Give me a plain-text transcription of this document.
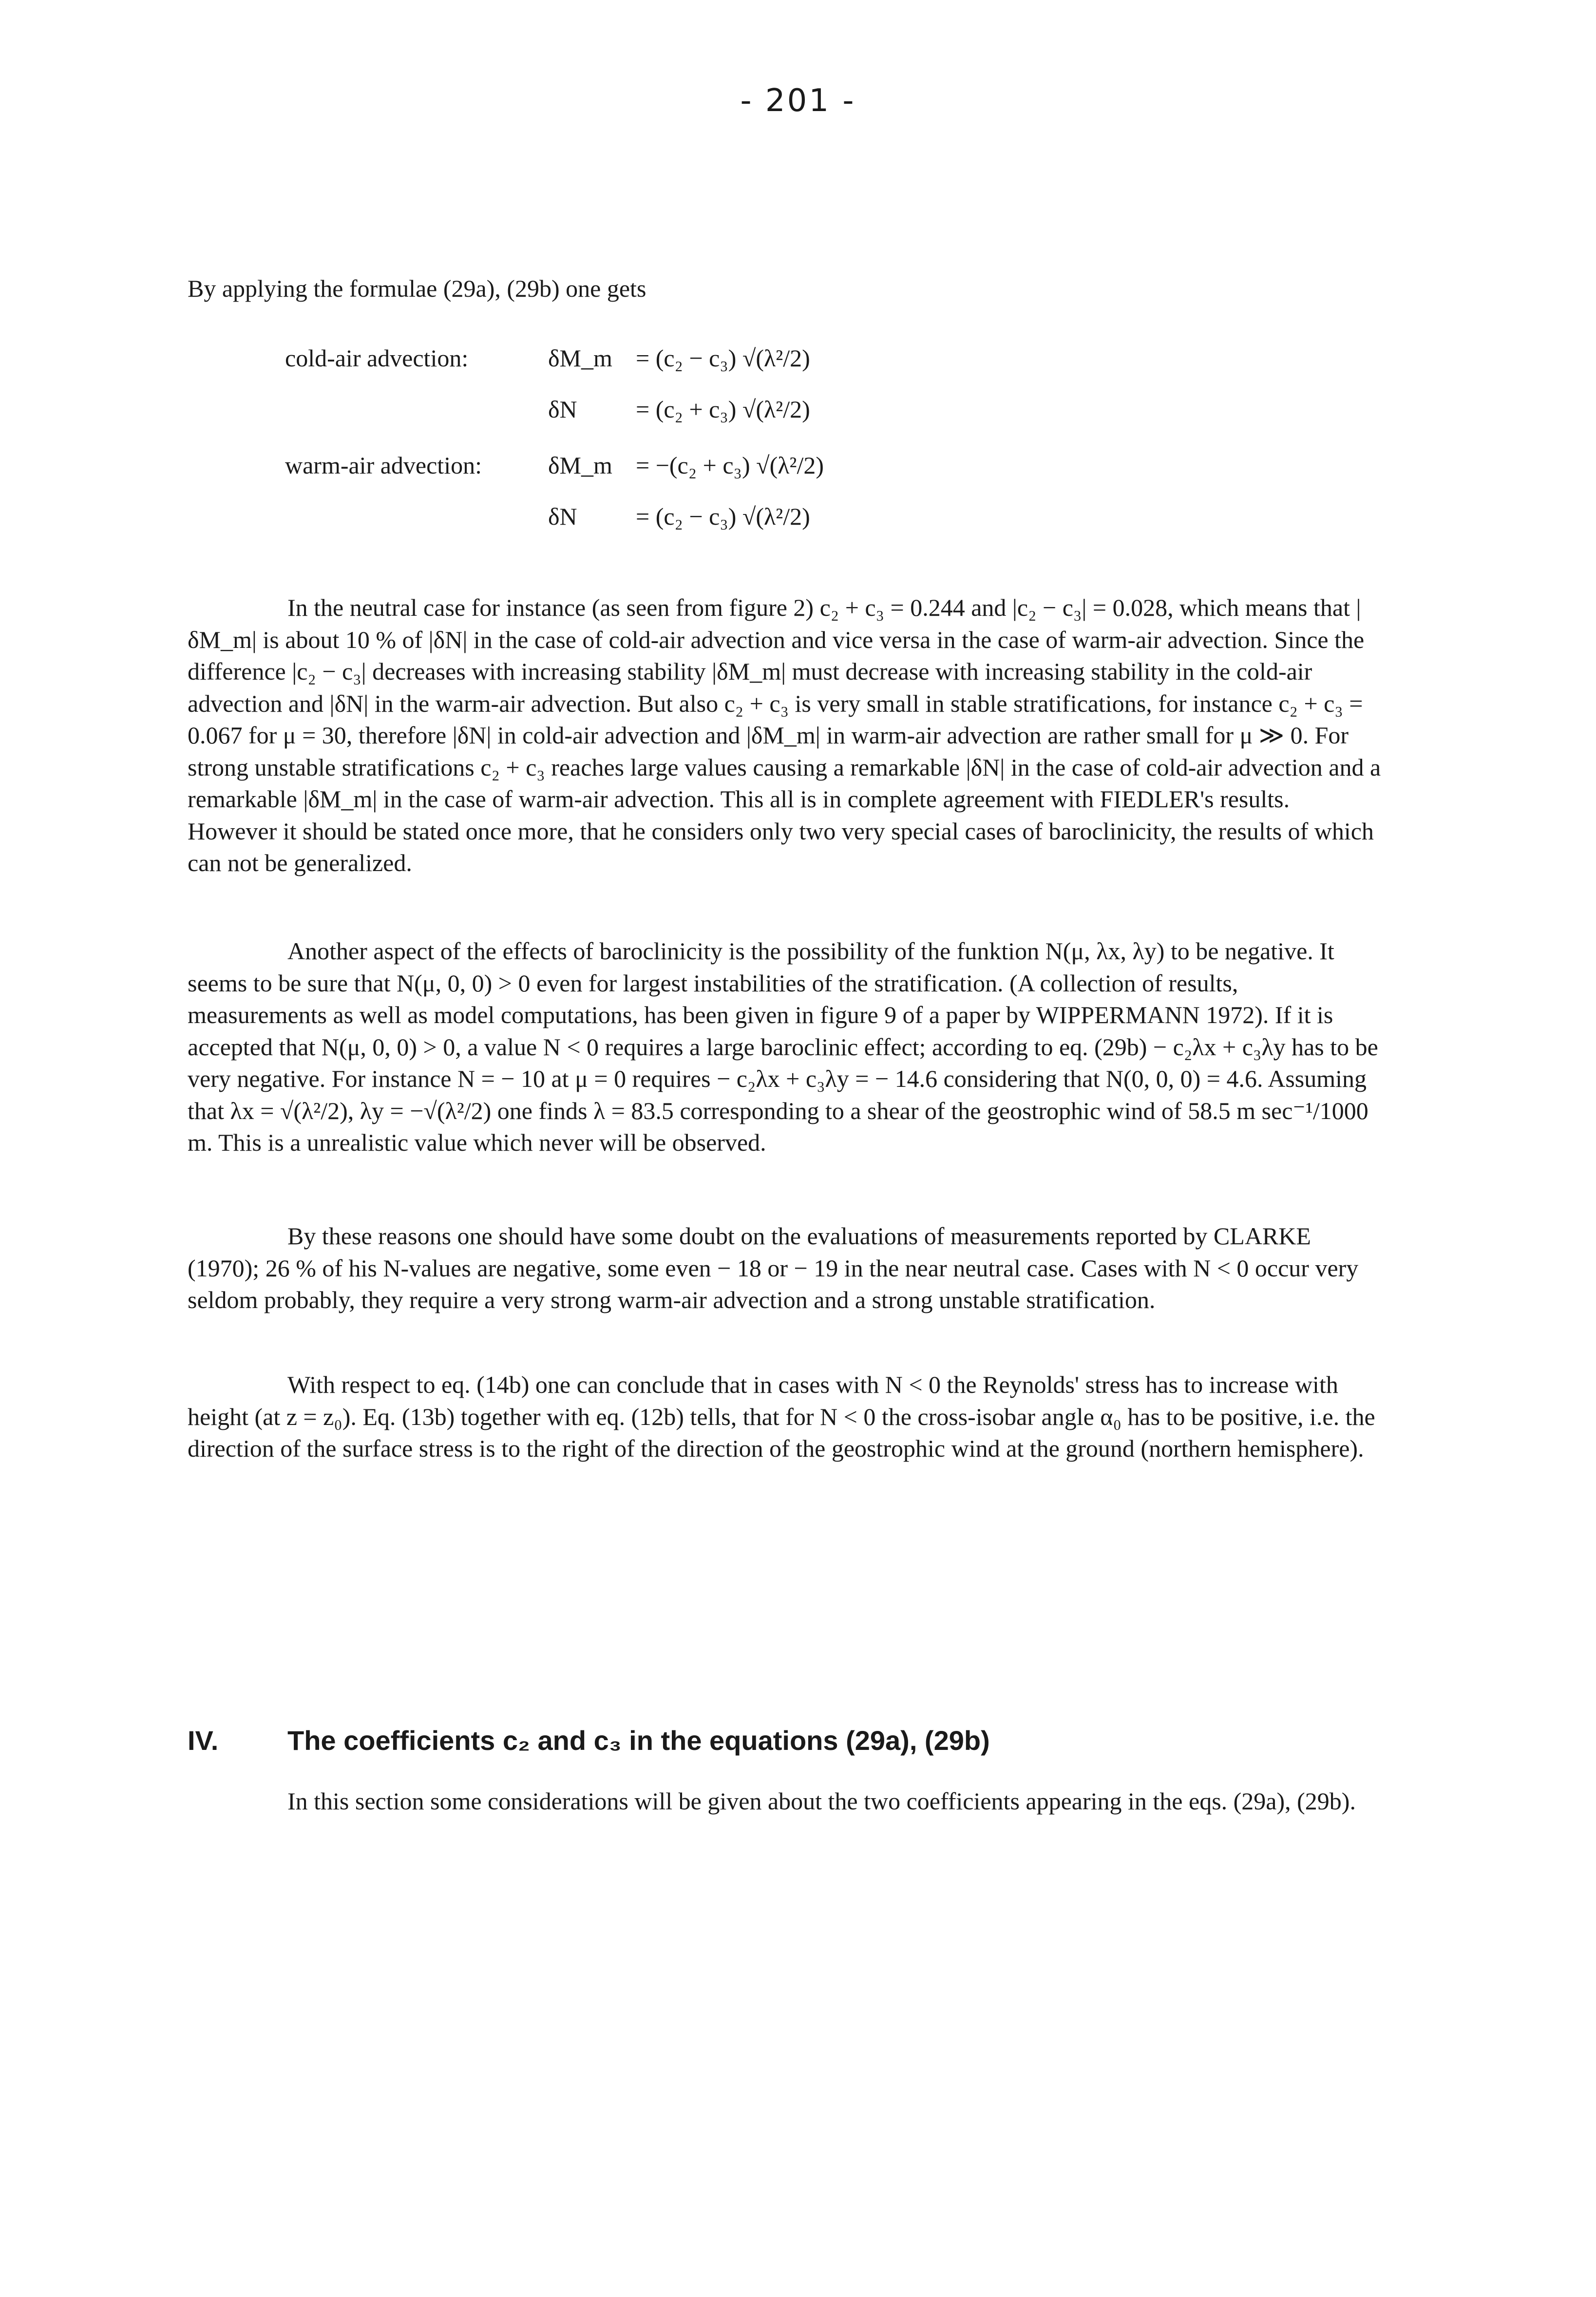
- 201 -

By applying the formulae (29a), (29b) one gets

cold-air advection:	δM_m = (c₂ − c₃) √(λ²/2)
δN = (c₂ + c₃) √(λ²/2)
warm-air advection:	δM_m = −(c₂ + c₃) √(λ²/2)
δN = (c₂ − c₃) √(λ²/2)

In the neutral case for instance (as seen from figure 2) c₂ + c₃ = 0.244 and |c₂ − c₃| = 0.028, which means that |δM_m| is about 10 % of |δN| in the case of cold-air advection and vice versa in the case of warm-air advection. Since the difference |c₂ − c₃| decreases with increasing stability |δM_m| must decrease with increasing stability in the cold-air advection and |δN| in the warm-air advection. But also c₂ + c₃ is very small in stable stratifications, for instance c₂ + c₃ = 0.067 for μ = 30, therefore |δN| in cold-air advection and |δM_m| in warm-air advection are rather small for μ ≫ 0. For strong unstable stratifications c₂ + c₃ reaches large values causing a remarkable |δN| in the case of cold-air advection and a remarkable |δM_m| in the case of warm-air advection. This all is in complete agreement with FIEDLER's results. However it should be stated once more, that he considers only two very special cases of baroclinicity, the results of which can not be generalized.

Another aspect of the effects of baroclinicity is the possibility of the funktion N(μ, λx, λy) to be negative. It seems to be sure that N(μ, 0, 0) > 0 even for largest instabilities of the stratification. (A collection of results, measurements as well as model computations, has been given in figure 9 of a paper by WIPPERMANN 1972). If it is accepted that N(μ, 0, 0) > 0, a value N < 0 requires a large baroclinic effect; according to eq. (29b) − c₂λx + c₃λy has to be very negative. For instance N = − 10 at μ = 0 requires − c₂λx + c₃λy = − 14.6 considering that N(0, 0, 0) = 4.6. Assuming that λx = √(λ²/2), λy = −√(λ²/2) one finds λ = 83.5 corresponding to a shear of the geostrophic wind of 58.5 m sec⁻¹/1000 m. This is a unrealistic value which never will be observed.

By these reasons one should have some doubt on the evaluations of measurements reported by CLARKE (1970); 26 % of his N-values are negative, some even − 18 or − 19 in the near neutral case. Cases with N < 0 occur very seldom probably, they require a very strong warm-air advection and a strong unstable stratification.

With respect to eq. (14b) one can conclude that in cases with N < 0 the Reynolds' stress has to increase with height (at z = z₀). Eq. (13b) together with eq. (12b) tells, that for N < 0 the cross-isobar angle α₀ has to be positive, i.e. the direction of the surface stress is to the right of the direction of the geostrophic wind at the ground (northern hemisphere).

IV.	The coefficients c₂ and c₃ in the equations (29a), (29b)

In this section some considerations will be given about the two coefficients appearing in the eqs. (29a), (29b).
